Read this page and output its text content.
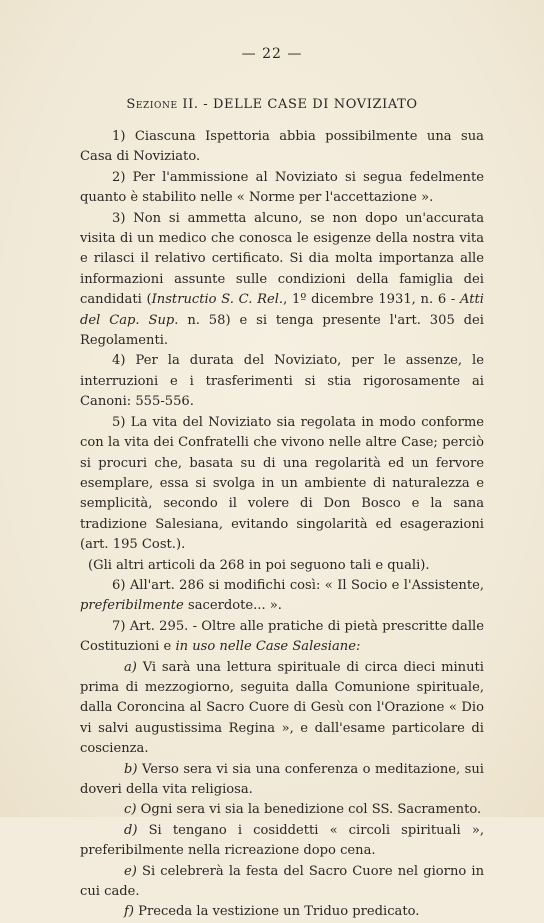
— 22 —
Sezione II. - DELLE CASE DI NOVIZIATO

1) Ciascuna Ispettoria abbia possibilmente una sua Casa di Noviziato.

2) Per l'ammissione al Noviziato si segua fedelmente quanto è stabilito nelle « Norme per l'accettazione ».

3) Non si ammetta alcuno, se non dopo un'accurata visita di un medico che conosca le esigenze della nostra vita e rilasci il relativo certificato. Si dia molta importanza alle informazioni assunte sulle condizioni della famiglia dei candidati (Instructio S. C. Rel., 1º dicembre 1931, n. 6 - Atti del Cap. Sup. n. 58) e si tenga presente l'art. 305 dei Regolamenti.

4) Per la durata del Noviziato, per le assenze, le interruzioni e i trasferimenti si stia rigorosamente ai Canoni: 555-556.

5) La vita del Noviziato sia regolata in modo conforme con la vita dei Confratelli che vivono nelle altre Case; perciò si procuri che, basata su di una regolarità ed un fervore esemplare, essa si svolga in un ambiente di naturalezza e semplicità, secondo il volere di Don Bosco e la sana tradizione Salesiana, evitando singolarità ed esagerazioni (art. 195 Cost.).

(Gli altri articoli da 268 in poi seguono tali e quali).

6) All'art. 286 si modifichi così: « Il Socio e l'Assistente, preferibilmente sacerdote... ».

7) Art. 295. - Oltre alle pratiche di pietà prescritte dalle Costituzioni e in uso nelle Case Salesiane:

a) Vi sarà una lettura spirituale di circa dieci minuti prima di mezzogiorno, seguita dalla Comunione spirituale, dalla Coroncina al Sacro Cuore di Gesù con l'Orazione « Dio vi salvi augustissima Regina », e dall'esame particolare di coscienza.

b) Verso sera vi sia una conferenza o meditazione, sui doveri della vita religiosa.

c) Ogni sera vi sia la benedizione col SS. Sacramento.

d) Si tengano i cosiddetti « circoli spirituali », preferibilmente nella ricreazione dopo cena.

e) Si celebrerà la festa del Sacro Cuore nel giorno in cui cade.

f) Preceda la vestizione un Triduo predicato.
